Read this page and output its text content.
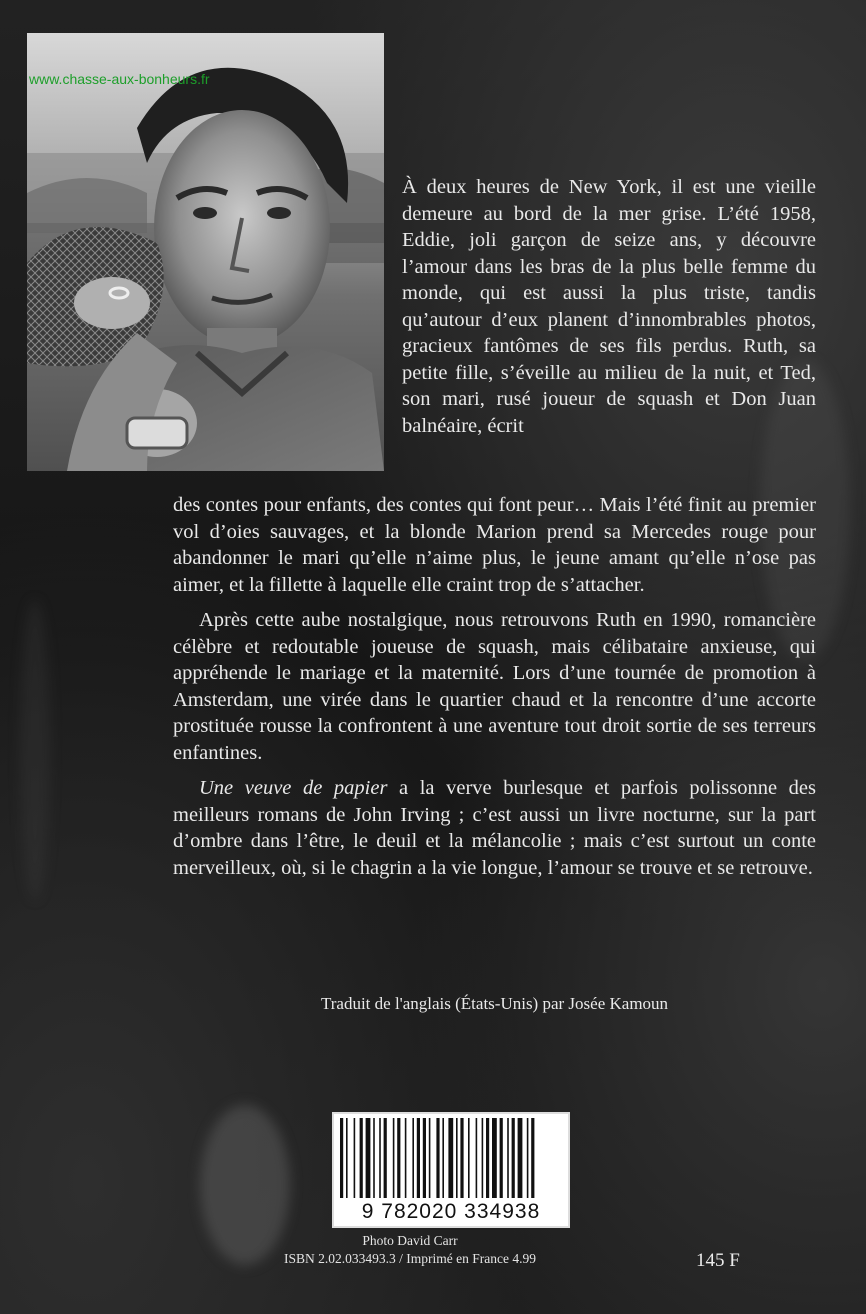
www.chasse-aux-bonheurs.fr
À deux heures de New York, il est une vieille demeure au bord de la mer grise. L’été 1958, Eddie, joli garçon de seize ans, y découvre l’amour dans les bras de la plus belle femme du monde, qui est aussi la plus triste, tandis qu’autour d’eux planent d’innombrables photos, gracieux fantômes de ses fils perdus. Ruth, sa petite fille, s’éveille au milieu de la nuit, et Ted, son mari, rusé joueur de squash et Don Juan balnéaire, écrit

des contes pour enfants, des contes qui font peur… Mais l’été finit au premier vol d’oies sauvages, et la blonde Marion prend sa Mercedes rouge pour abandonner le mari qu’elle n’aime plus, le jeune amant qu’elle n’ose pas aimer, et la fillette à laquelle elle craint trop de s’attacher.

Après cette aube nostalgique, nous retrouvons Ruth en 1990, romancière célèbre et redoutable joueuse de squash, mais célibataire anxieuse, qui appréhende le mariage et la maternité. Lors d’une tournée de promotion à Amsterdam, une virée dans le quartier chaud et la rencontre d’une accorte prostituée rousse la confrontent à une aventure tout droit sortie de ses terreurs enfantines.

Une veuve de papier a la verve burlesque et parfois polissonne des meilleurs romans de John Irving ; c’est aussi un livre nocturne, sur la part d’ombre dans l’être, le deuil et la mélancolie ; mais c’est surtout un conte merveilleux, où, si le chagrin a la vie longue, l’amour se trouve et se retrouve.

Traduit de l'anglais (États-Unis) par Josée Kamoun
9 782020 334938
Photo David Carr
ISBN 2.02.033493.3 / Imprimé en France 4.99	145 F
